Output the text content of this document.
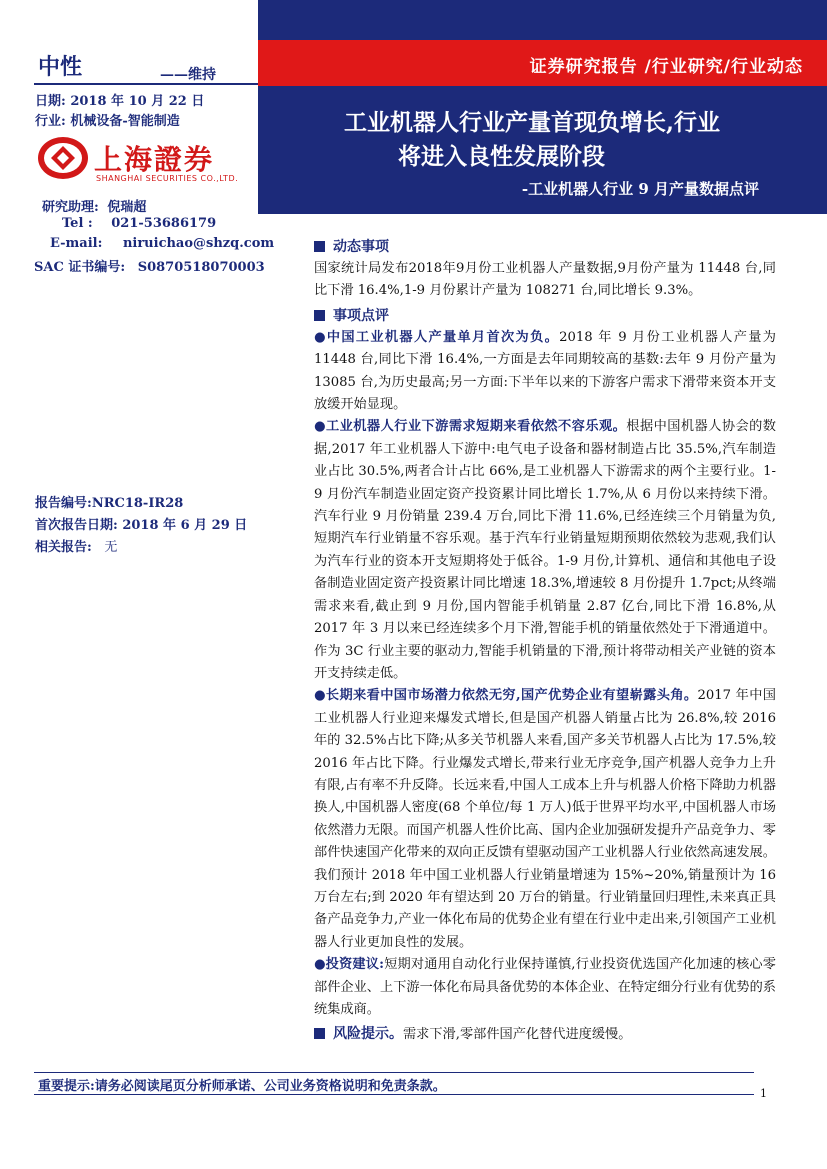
证券研究报告 /行业研究/行业动态
工业机器人行业产量首现负增长,行业
将进入良性发展阶段
-工业机器人行业 9 月产量数据点评
中性	——维持
日期: 2018 年 10 月 22 日
行业: 机械设备-智能制造
上海證券
SHANGHAI SECURITIES CO.,LTD.
研究助理: 倪瑞超
Tel : 021-53686179
E-mail: niruichao@shzq.com
SAC 证书编号: S0870518070003
报告编号:NRC18-IR28
首次报告日期: 2018 年 6 月 29 日
相关报告: 无
动态事项

国家统计局发布2018年9月份工业机器人产量数据,9月份产量为 11448 台,同比下滑 16.4%,1-9 月份累计产量为 108271 台,同比增长 9.3%。

事项点评

●中国工业机器人产量单月首次为负。2018 年 9 月份工业机器人产量为 11448 台,同比下滑 16.4%,一方面是去年同期较高的基数:去年 9 月份产量为 13085 台,为历史最高;另一方面:下半年以来的下游客户需求下滑带来资本开支放缓开始显现。

●工业机器人行业下游需求短期来看依然不容乐观。根据中国机器人协会的数据,2017 年工业机器人下游中:电气电子设备和器材制造占比 35.5%,汽车制造业占比 30.5%,两者合计占比 66%,是工业机器人下游需求的两个主要行业。1-9 月份汽车制造业固定资产投资累计同比增长 1.7%,从 6 月份以来持续下滑。汽车行业 9 月份销量 239.4 万台,同比下滑 11.6%,已经连续三个月销量为负,短期汽车行业销量不容乐观。基于汽车行业销量短期预期依然较为悲观,我们认为汽车行业的资本开支短期将处于低谷。1-9 月份,计算机、通信和其他电子设备制造业固定资产投资累计同比增速 18.3%,增速较 8 月份提升 1.7pct;从终端需求来看,截止到 9 月份,国内智能手机销量 2.87 亿台,同比下滑 16.8%,从 2017 年 3 月以来已经连续多个月下滑,智能手机的销量依然处于下滑通道中。作为 3C 行业主要的驱动力,智能手机销量的下滑,预计将带动相关产业链的资本开支持续走低。

●长期来看中国市场潜力依然无穷,国产优势企业有望崭露头角。2017 年中国工业机器人行业迎来爆发式增长,但是国产机器人销量占比为 26.8%,较 2016 年的 32.5%占比下降;从多关节机器人来看,国产多关节机器人占比为 17.5%,较 2016 年占比下降。行业爆发式增长,带来行业无序竞争,国产机器人竞争力上升有限,占有率不升反降。长远来看,中国人工成本上升与机器人价格下降助力机器换人,中国机器人密度(68 个单位/每 1 万人)低于世界平均水平,中国机器人市场依然潜力无限。而国产机器人性价比高、国内企业加强研发提升产品竞争力、零部件快速国产化带来的双向正反馈有望驱动国产工业机器人行业依然高速发展。我们预计 2018 年中国工业机器人行业销量增速为 15%~20%,销量预计为 16 万台左右;到 2020 年有望达到 20 万台的销量。行业销量回归理性,未来真正具备产品竞争力,产业一体化布局的优势企业有望在行业中走出来,引领国产工业机器人行业更加良性的发展。

●投资建议:短期对通用自动化行业保持谨慎,行业投资优选国产化加速的核心零部件企业、上下游一体化布局具备优势的本体企业、在特定细分行业有优势的系统集成商。

风险提示。需求下滑,零部件国产化替代进度缓慢。
重要提示:请务必阅读尾页分析师承诺、公司业务资格说明和免责条款。	1
